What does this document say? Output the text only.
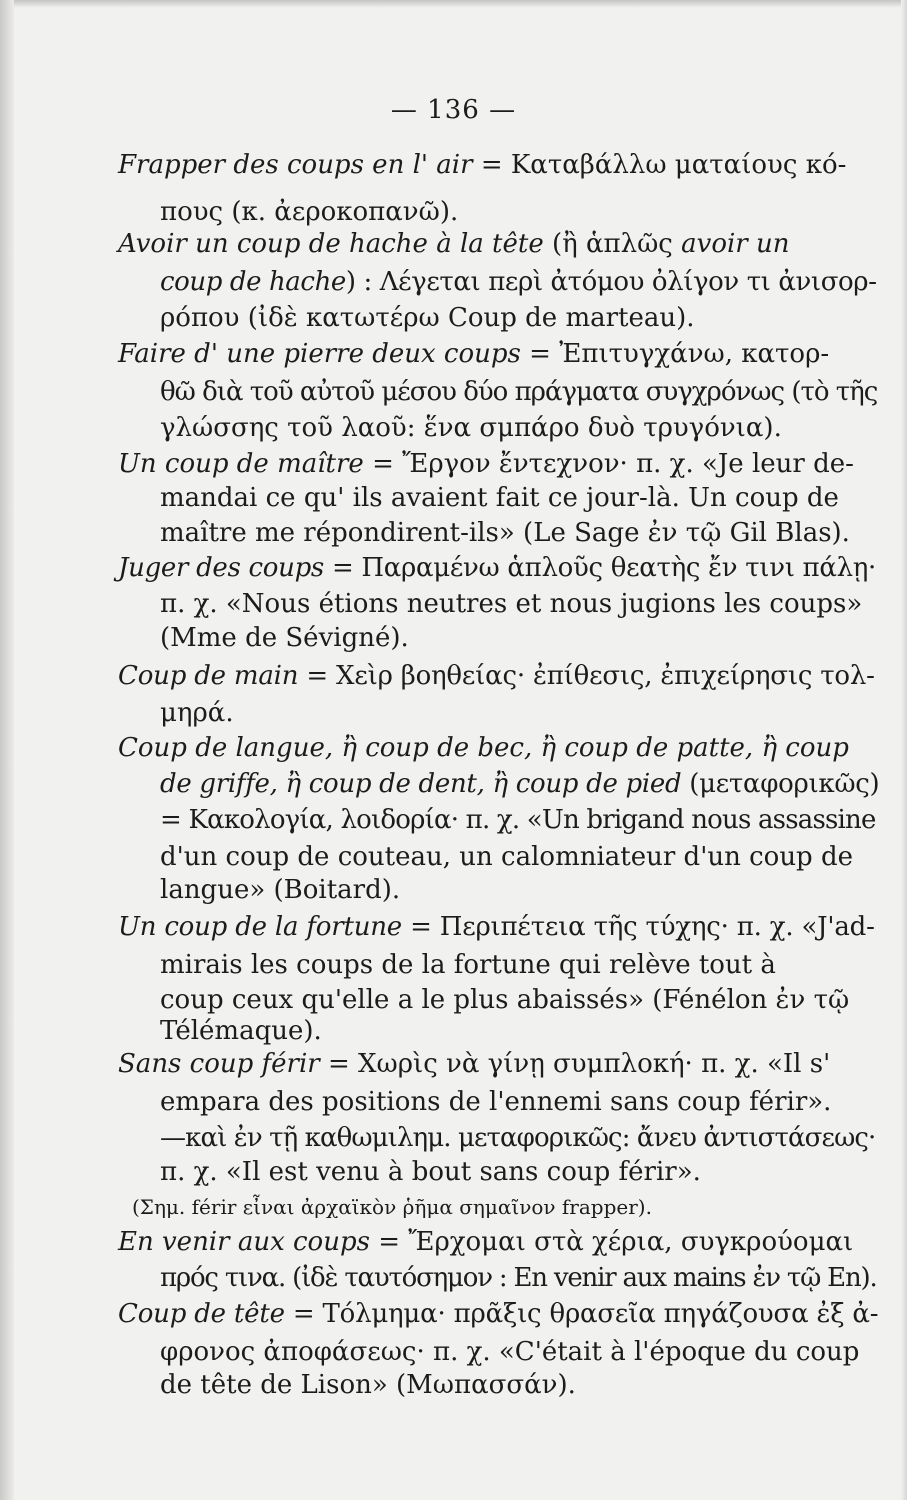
— 136 —
Frapper des coups en l' air = Καταβάλλω ματαίους κό-
πους (κ. ἀεροκοπανῶ).
Avoir un coup de hache à la tête (ἢ ἁπλῶς avoir un
coup de hache) : Λέγεται περὶ ἀτόμου ὀλίγον τι ἀνισορ-
ρόπου (ἰδὲ κατωτέρω Coup de marteau).
Faire d' une pierre deux coups = Ἐπιτυγχάνω, κατορ-
θῶ διὰ τοῦ αὐτοῦ μέσου δύο πράγματα συγχρόνως (τὸ τῆς
γλώσσης τοῦ λαοῦ: ἕνα σμπάρο δυὸ τρυγόνια).
Un coup de maître = Ἔργον ἔντεχνον· π. χ. «Je leur de-
mandai ce qu' ils avaient fait ce jour-là. Un coup de
maître me répondirent-ils» (Le Sage ἐν τῷ Gil Blas).
Juger des coups = Παραμένω ἁπλοῦς θεατὴς ἔν τινι πάλῃ·
π. χ. «Nous étions neutres et nous jugions les coups»
(Mme de Sévigné).
Coup de main = Χεὶρ βοηθείας· ἐπίθεσις, ἐπιχείρησις τολ-
μηρά.
Coup de langue, ἢ coup de bec, ἢ coup de patte, ἢ coup
de griffe, ἢ coup de dent, ἢ coup de pied (μεταφορικῶς)
= Κακολογία, λοιδορία· π. χ. «Un brigand nous assassine
d'un coup de couteau, un calomniateur d'un coup de
langue» (Boitard).
Un coup de la fortune = Περιπέτεια τῆς τύχης· π. χ. «J'ad-
mirais les coups de la fortune qui relève tout à
coup ceux qu'elle a le plus abaissés» (Fénélon ἐν τῷ
Télémaque).
Sans coup férir = Χωρὶς νὰ γίνῃ συμπλοκή· π. χ. «Il s'
empara des positions de l'ennemi sans coup férir».
—καὶ ἐν τῇ καθωμιλημ. μεταφορικῶς: ἄνευ ἀντιστάσεως·
π. χ. «Il est venu à bout sans coup férir».
(Σημ. férir εἶναι ἀρχαϊκὸν ῥῆμα σημαῖνον frapper).
En venir aux coups = Ἔρχομαι στὰ χέρια, συγκρούομαι
πρός τινα. (ἰδὲ ταυτόσημον : En venir aux mains ἐν τῷ En).
Coup de tête = Τόλμημα· πρᾶξις θρασεῖα πηγάζουσα ἐξ ἀ-
φρονος ἀποφάσεως· π. χ. «C'était à l'époque du coup
de tête de Lison» (Μωπασσάν).
